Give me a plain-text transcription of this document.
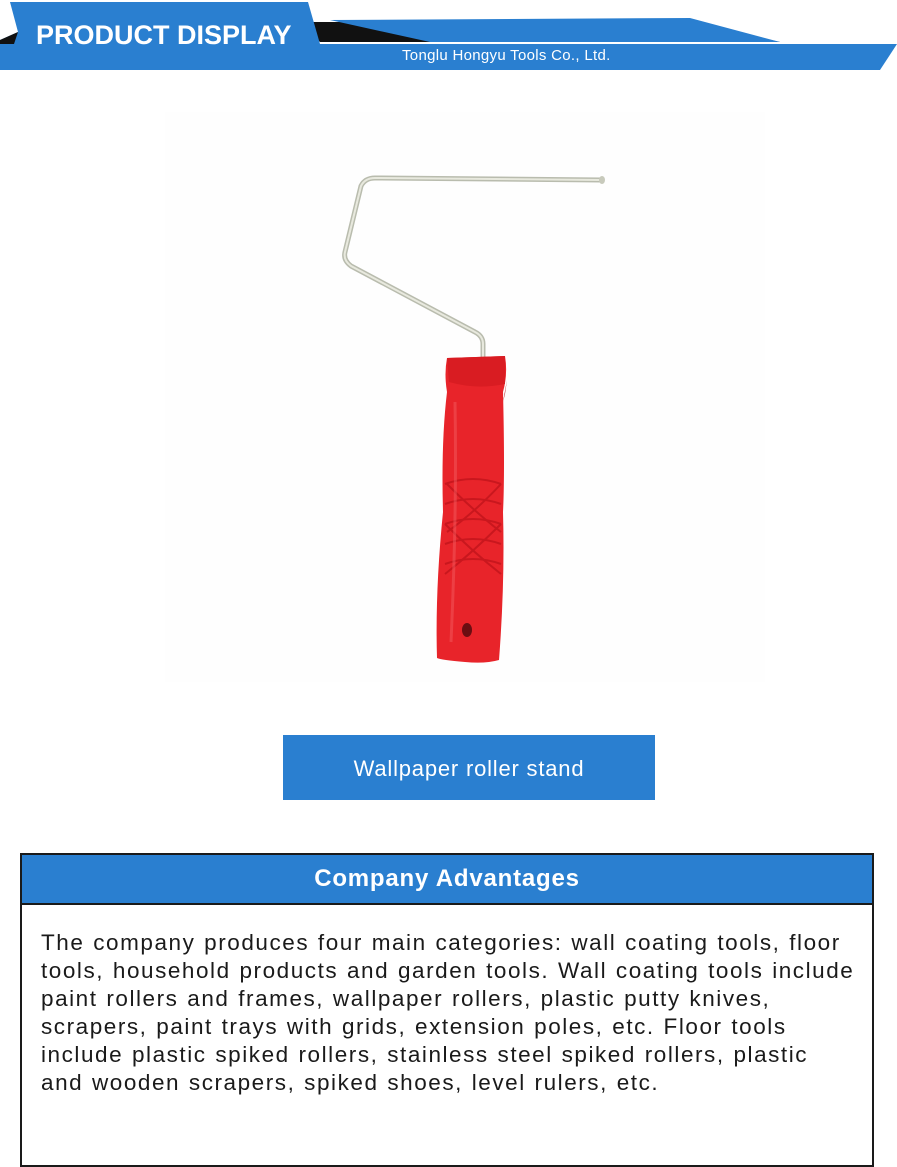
PRODUCT DISPLAY
Tonglu Hongyu Tools Co., Ltd.
Wallpaper roller stand
Company Advantages

The company produces four main categories: wall coating tools, floor tools, household products and garden tools. Wall coating tools include paint rollers and frames, wallpaper rollers, plastic putty knives, scrapers, paint trays with grids, extension poles, etc. Floor tools include plastic spiked rollers, stainless steel spiked rollers, plastic and wooden scrapers, spiked shoes, level rulers, etc.
